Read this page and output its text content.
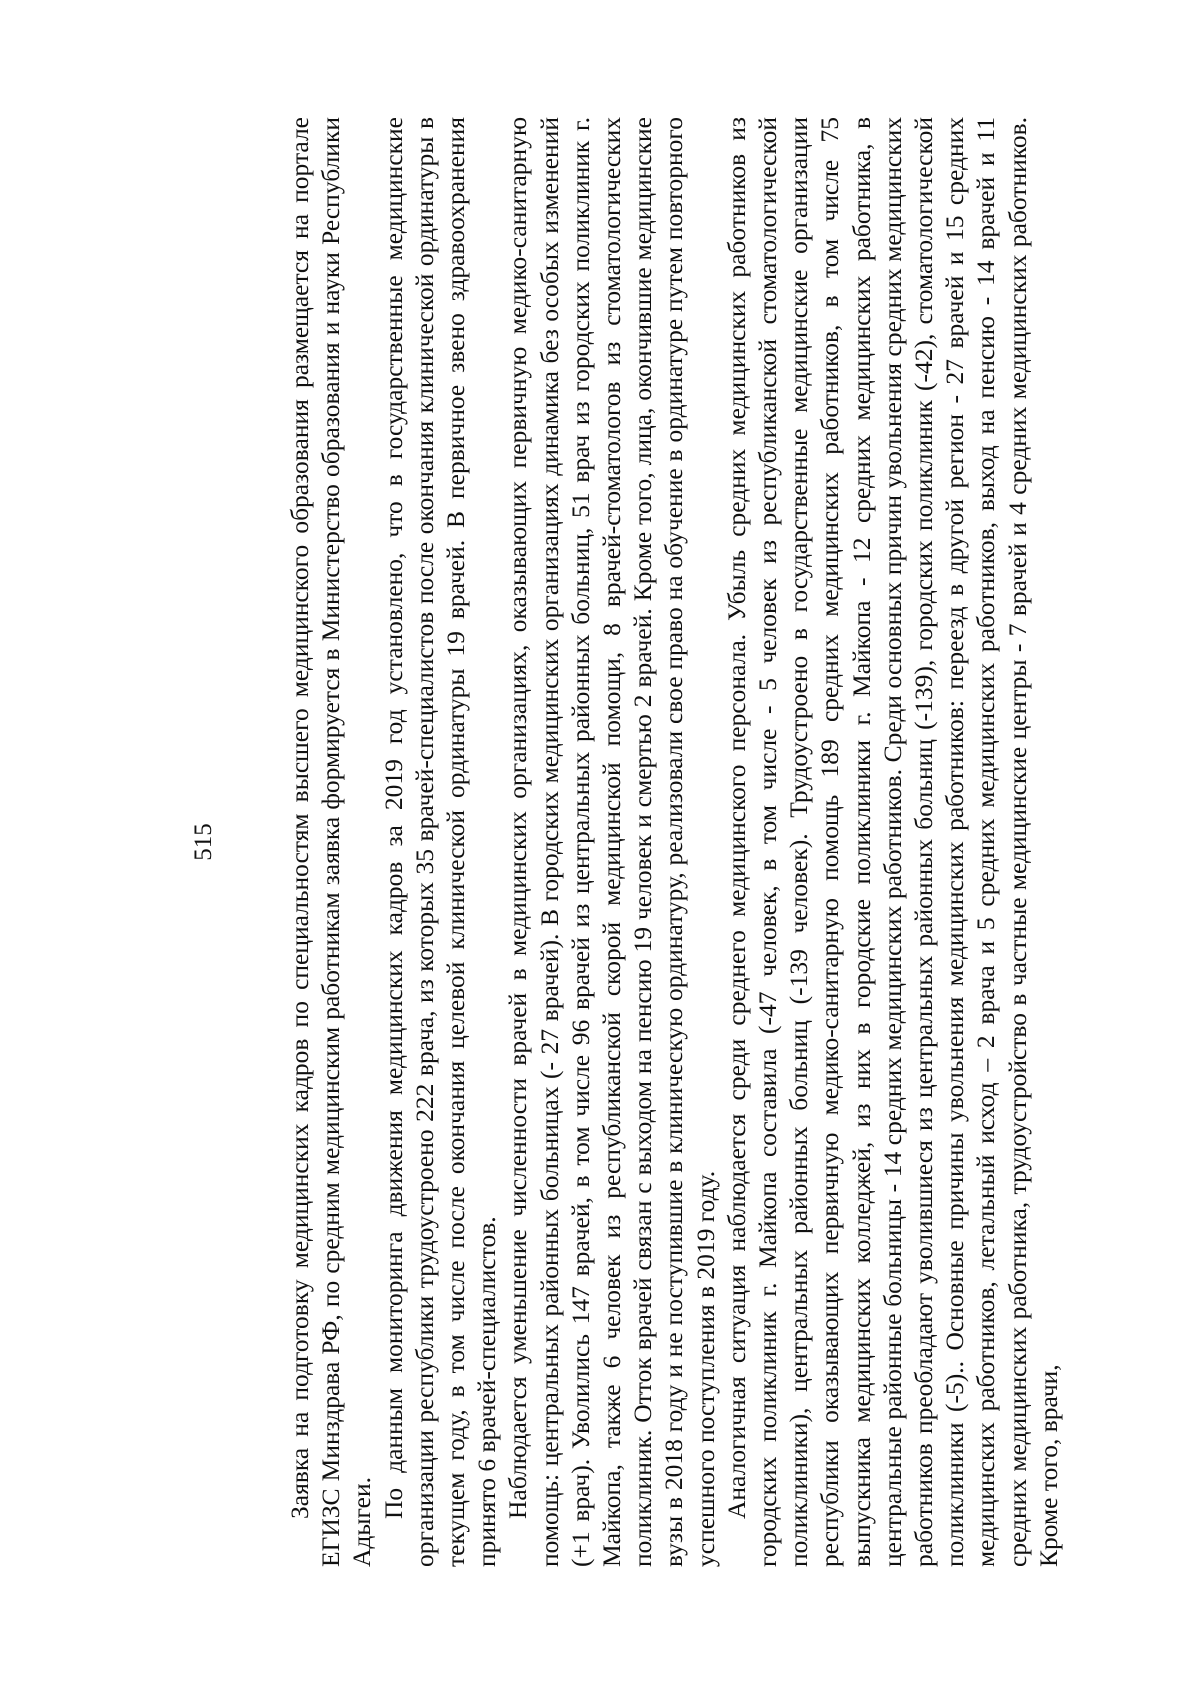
515	Заявка на подготовку медицинских кадров по специальностям высшего медицинского образования размещается на портале ЕГИЗС Минздрава РФ, по средним медицинским работникам заявка формируется в Министерство образования и науки Республики Адыгеи.

По данным мониторинга движения медицинских кадров за 2019 год установлено, что в государственные медицинские организации республики трудоустроено 222 врача, из которых 35 врачей-специалистов после окончания клинической ординатуры в текущем году, в том числе после окончания целевой клинической ординатуры 19 врачей. В первичное звено здравоохранения принято 6 врачей-специалистов. Наблюдается уменьшение численности врачей в медицинских организациях, оказывающих первичную медико-санитарную помощь: центральных районных больницах (- 27 врачей). В городских медицинских организациях динамика без особых изменений (+1 врач). Уволились 147 врачей, в том числе 96 врачей из центральных районных больниц, 51 врач из городских поликлиник г. Майкопа, также 6 человек из республиканской скорой медицинской помощи, 8 врачей-стоматологов из стоматологических поликлиник. Отток врачей связан с выходом на пенсию 19 человек и смертью 2 врачей. Кроме того, лица, окончившие медицинские вузы в 2018 году и не поступившие в клиническую ординатуру, реализовали свое право на обучение в ординатуре путем повторного успешного поступления в 2019 году. Аналогичная ситуация наблюдается среди среднего медицинского персонала. Убыль средних медицинских работников из городских поликлиник г. Майкопа составила (-47 человек, в том числе - 5 человек из республиканской стоматологической поликлиники), центральных районных больниц (-139 человек). Трудоустроено в государственные медицинские организации республики оказывающих первичную медико-санитарную помощь 189 средних медицинских работников, в том числе 75 выпускника медицинских колледжей, из них в городские поликлиники г. Майкопа - 12 средних медицинских работника, в центральные районные больницы - 14 средних медицинских работников. Среди основных причин увольнения средних медицинских работников преобладают уволившиеся из центральных районных больниц (-139), городских поликлиник (-42), стоматологической поликлиники (-5).. Основные причины увольнения медицинских работников: переезд в другой регион - 27 врачей и 15 средних медицинских работников, летальный исход – 2 врача и 5 средних медицинских работников, выход на пенсию - 14 врачей и 11 средних медицинских работника, трудоустройство в частные медицинские центры - 7 врачей и 4 средних медицинских работников. Кроме того, врачи,
